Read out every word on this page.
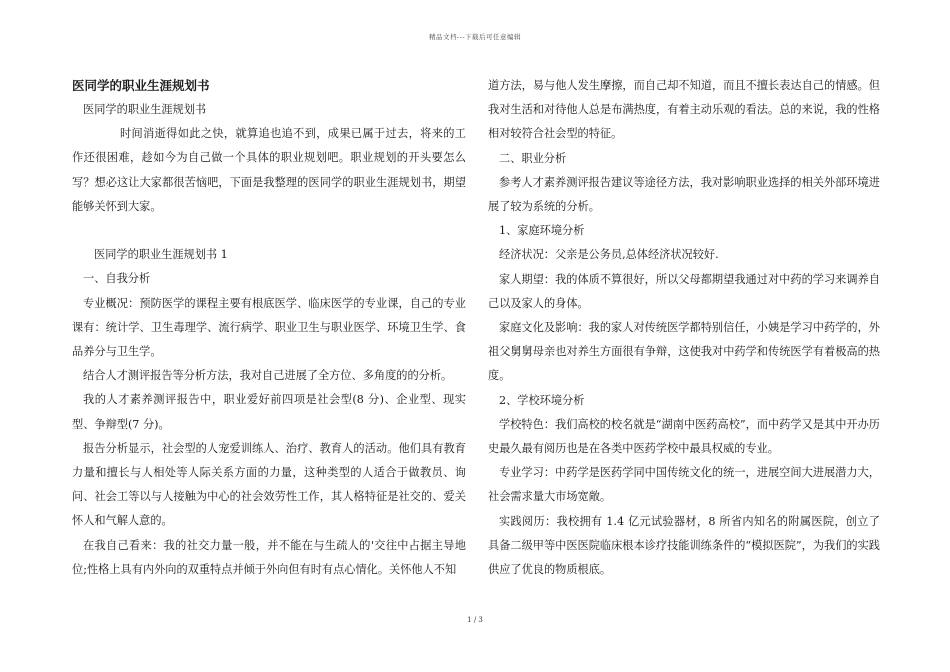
精品文档---下载后可任意编辑

医同学的职业生涯规划书

医同学的职业生涯规划书

时间消逝得如此之快，就算追也追不到，成果已属于过去，将来的工作还很困难，趁如今为自己做一个具体的职业规划吧。职业规划的开头要怎么写？想必这让大家都很苦恼吧，下面是我整理的医同学的职业生涯规划书，期望能够关怀到大家。

医同学的职业生涯规划书 1

一、自我分析

专业概况：预防医学的课程主要有根底医学、临床医学的专业课，自己的专业课有：统计学、卫生毒理学、流行病学、职业卫生与职业医学、环境卫生学、食品养分与卫生学。

结合人才测评报告等分析方法，我对自己进展了全方位、多角度的的分析。

我的人才素养测评报告中，职业爱好前四项是社会型(8 分)、企业型、现实型、争辩型(7 分)。

报告分析显示，社会型的人宠爱训练人、治疗、教育人的活动。他们具有教育力量和擅长与人相处等人际关系方面的力量，这种类型的人适合于做教员、询问、社会工等以与人接触为中心的社会效劳性工作，其人格特征是社交的、爱关怀人和气解人意的。

在我自己看来：我的社交力量一般，并不能在与生疏人的'交往中占据主导地位;性格上具有内外向的双重特点并倾于外向但有时有点心情化。关怀他人不知

道方法，易与他人发生摩擦，而自己却不知道，而且不擅长表达自己的情感。但我对生活和对待他人总是布满热度，有着主动乐观的看法。总的来说，我的性格相对较符合社会型的特征。

二、职业分析

参考人才素养测评报告建议等途径方法，我对影响职业选择的相关外部环境进展了较为系统的分析。

1、家庭环境分析

经济状况：父亲是公务员,总体经济状况较好.

家人期望：我的体质不算很好，所以父母都期望我通过对中药的学习来调养自己以及家人的身体。

家庭文化及影响：我的家人对传统医学都特别信任，小姨是学习中药学的，外祖父舅舅母亲也对养生方面很有争辩，这使我对中药学和传统医学有着极高的热度。

2、学校环境分析

学校特色：我们高校的校名就是“湖南中医药高校”，而中药学又是其中开办历史最久最有阅历也是在各类中医药学校中最具权威的专业。

专业学习：中药学是医药学同中国传统文化的统一，进展空间大进展潜力大，社会需求量大市场宽敞。

实践阅历：我校拥有 1.4 亿元试验器材，8 所省内知名的附属医院，创立了具备二级甲等中医医院临床根本诊疗技能训练条件的“模拟医院”，为我们的实践供应了优良的物质根底。

1 / 3
